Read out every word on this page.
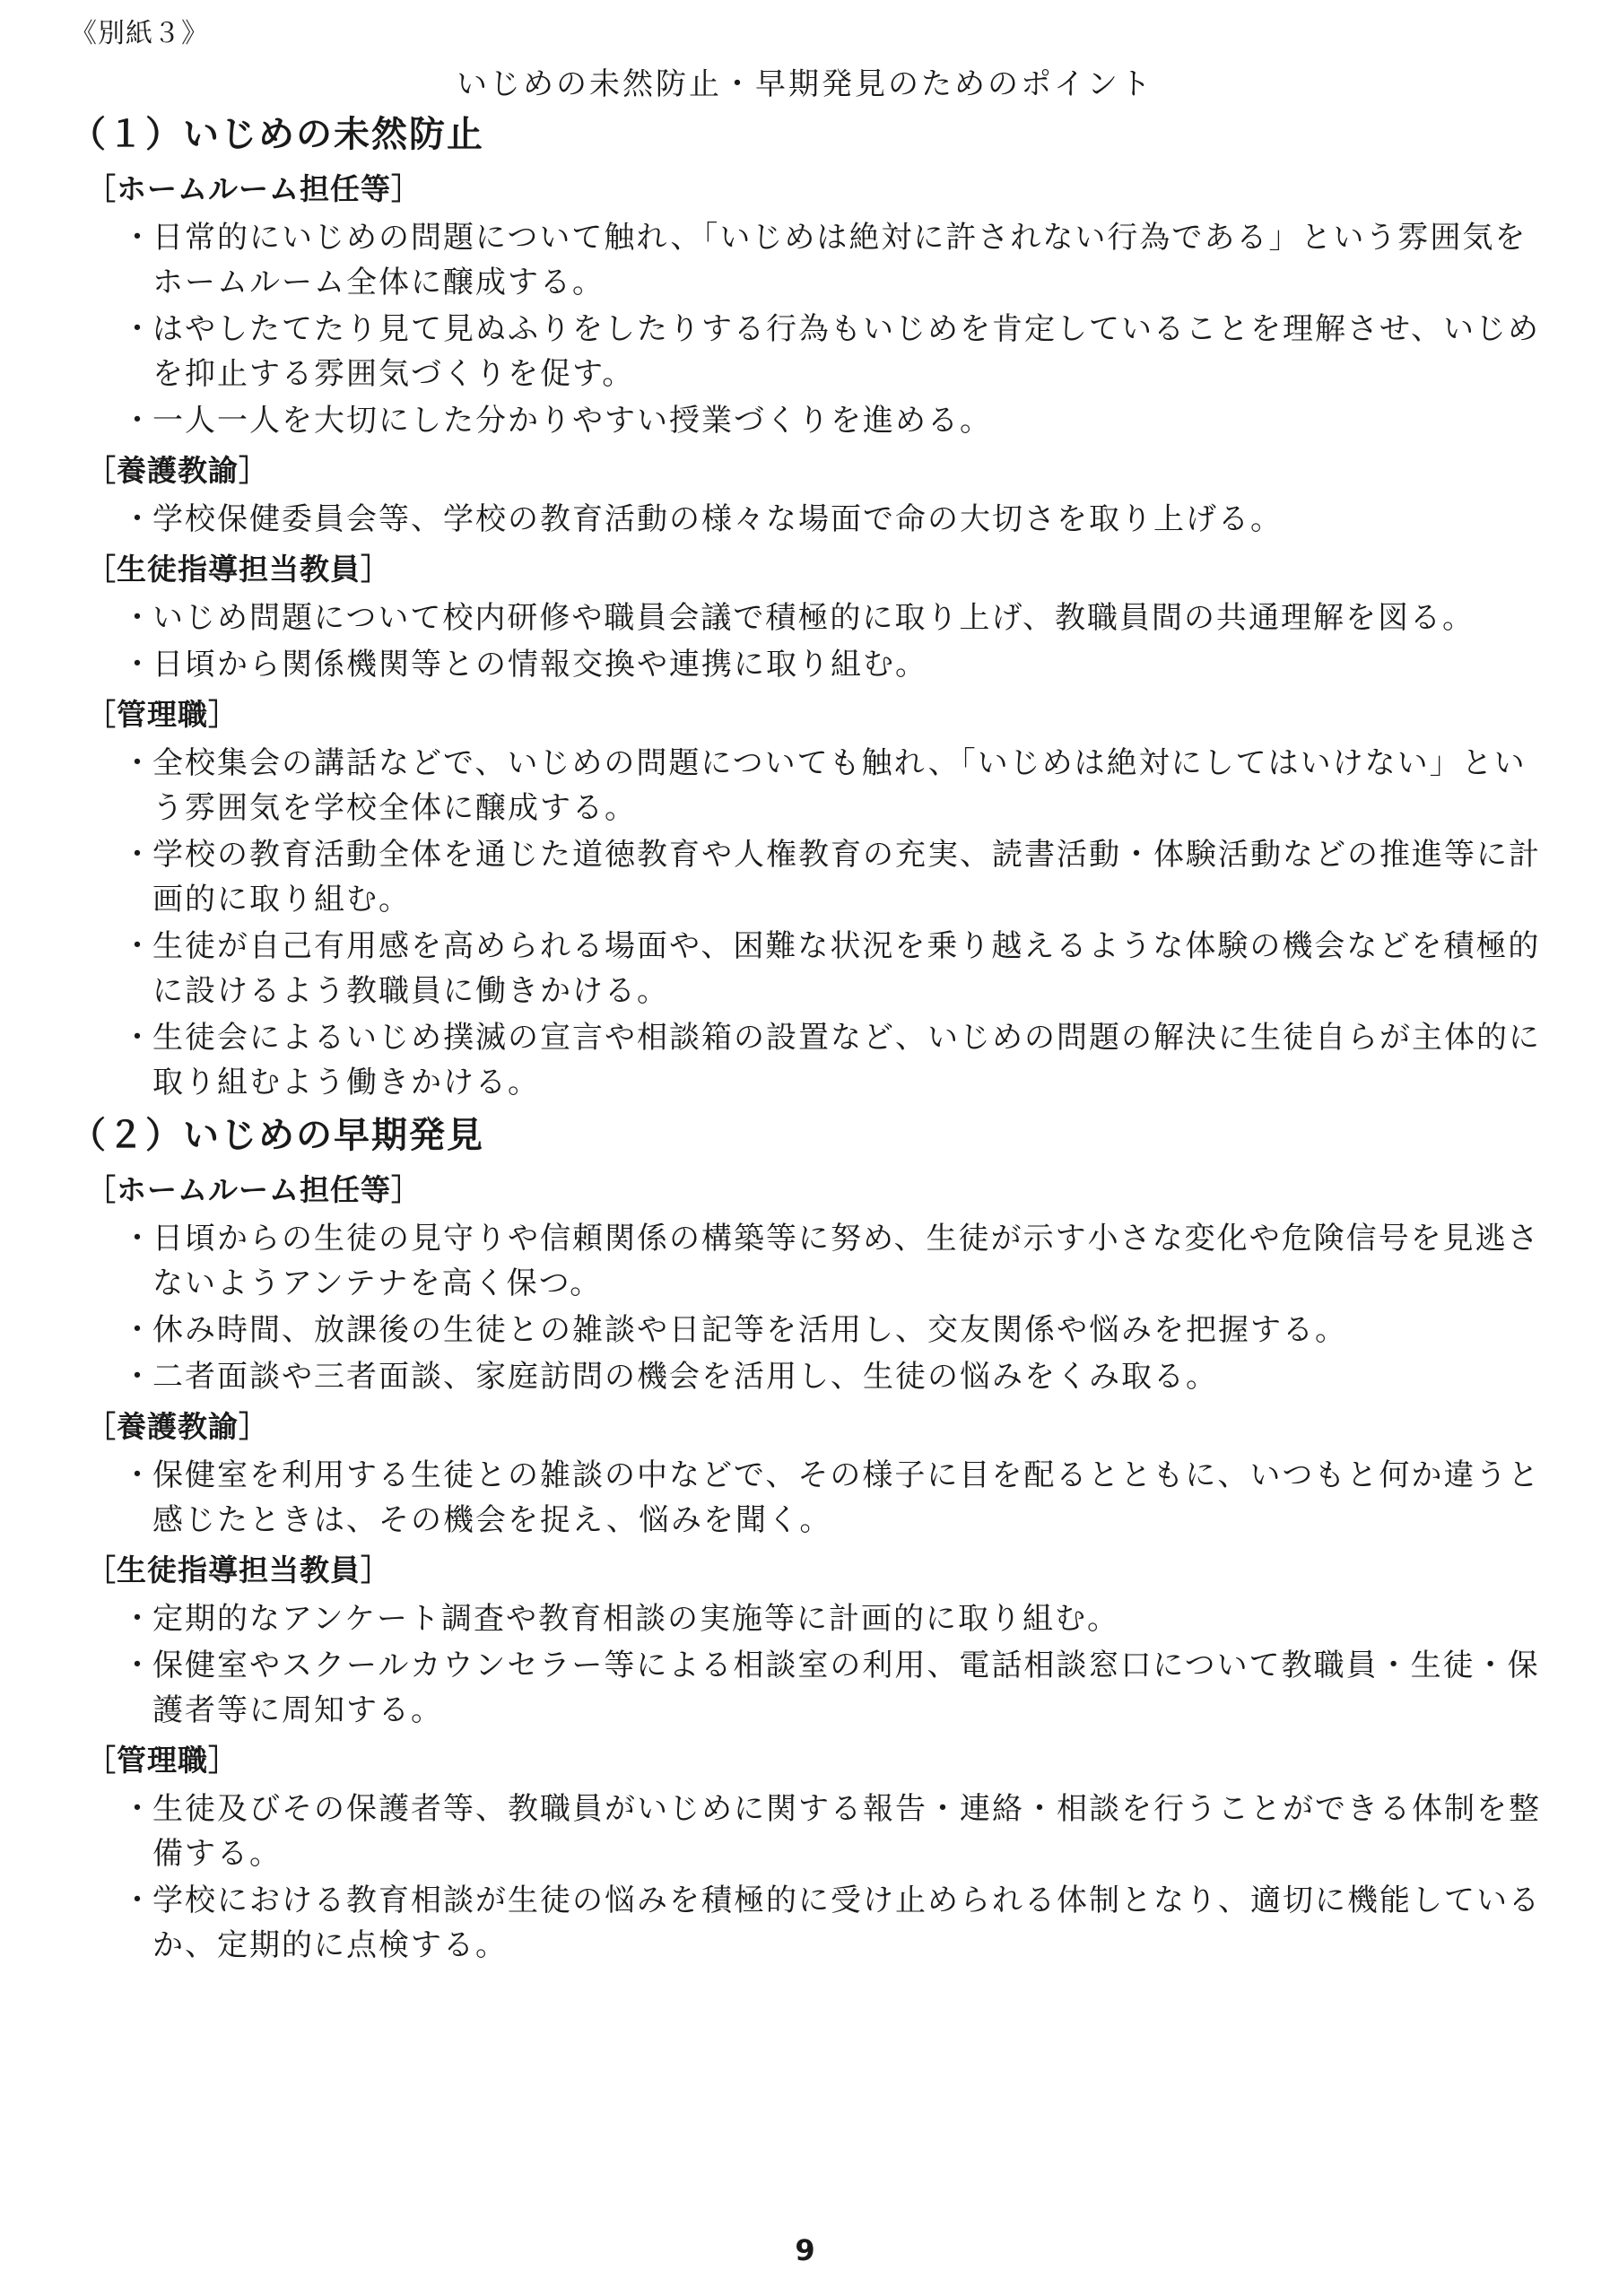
《別紙３》
いじめの未然防止・早期発見のためのポイント
（１）いじめの未然防止
［ホームルーム担任等］
・
日常的にいじめの問題について触れ、「いじめは絶対に許されない行為である」という雰囲気をホームルーム全体に醸成する。
・
はやしたてたり見て見ぬふりをしたりする行為もいじめを肯定していることを理解させ、いじめを抑止する雰囲気づくりを促す。
・
一人一人を大切にした分かりやすい授業づくりを進める。
［養護教諭］
・
学校保健委員会等、学校の教育活動の様々な場面で命の大切さを取り上げる。
［生徒指導担当教員］
・
いじめ問題について校内研修や職員会議で積極的に取り上げ、教職員間の共通理解を図る。
・
日頃から関係機関等との情報交換や連携に取り組む。
［管理職］
・
全校集会の講話などで、いじめの問題についても触れ、「いじめは絶対にしてはいけない」という雰囲気を学校全体に醸成する。
・
学校の教育活動全体を通じた道徳教育や人権教育の充実、読書活動・体験活動などの推進等に計画的に取り組む。
・
生徒が自己有用感を高められる場面や、困難な状況を乗り越えるような体験の機会などを積極的に設けるよう教職員に働きかける。
・
生徒会によるいじめ撲滅の宣言や相談箱の設置など、いじめの問題の解決に生徒自らが主体的に取り組むよう働きかける。
（２）いじめの早期発見
［ホームルーム担任等］
・
日頃からの生徒の見守りや信頼関係の構築等に努め、生徒が示す小さな変化や危険信号を見逃さないようアンテナを高く保つ。
・
休み時間、放課後の生徒との雑談や日記等を活用し、交友関係や悩みを把握する。
・
二者面談や三者面談、家庭訪問の機会を活用し、生徒の悩みをくみ取る。
［養護教諭］
・
保健室を利用する生徒との雑談の中などで、その様子に目を配るとともに、いつもと何か違うと感じたときは、その機会を捉え、悩みを聞く。
［生徒指導担当教員］
・
定期的なアンケート調査や教育相談の実施等に計画的に取り組む。
・
保健室やスクールカウンセラー等による相談室の利用、電話相談窓口について教職員・生徒・保護者等に周知する。
［管理職］
・
生徒及びその保護者等、教職員がいじめに関する報告・連絡・相談を行うことができる体制を整備する。
・
学校における教育相談が生徒の悩みを積極的に受け止められる体制となり、適切に機能しているか、定期的に点検する。
9
